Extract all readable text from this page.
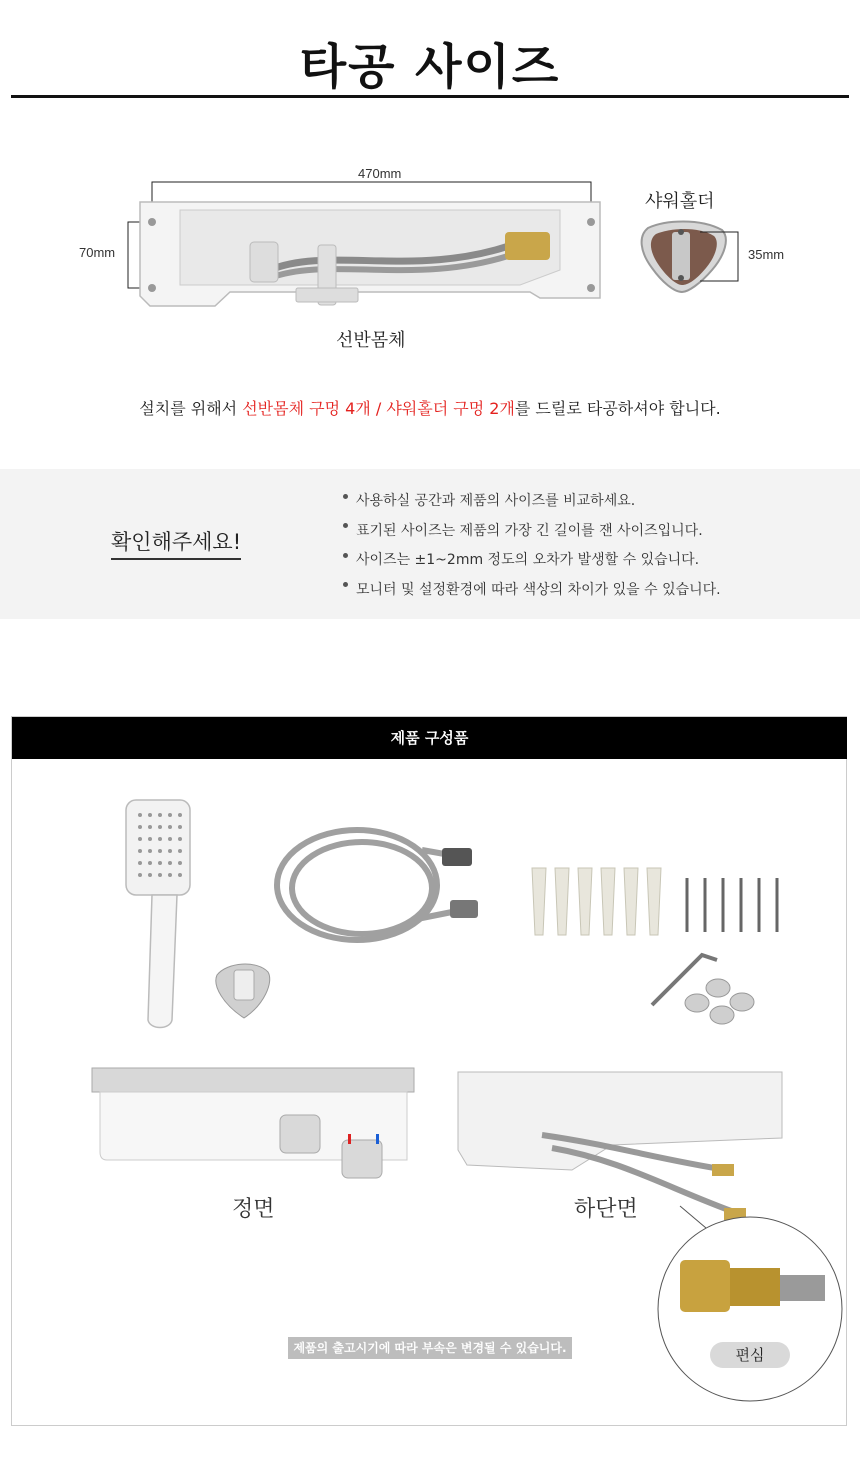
타공 사이즈
470mm
70mm	35mm
선반몸체
샤워홀더
설치를 위해서 선반몸체 구멍 4개 / 샤워홀더 구멍 2개를 드릴로 타공하셔야 합니다.
확인해주세요!
사용하실 공간과 제품의 사이즈를 비교하세요.
표기된 사이즈는 제품의 가장 긴 길이를 잰 사이즈입니다.
사이즈는 ±1~2mm 정도의 오차가 발생할 수 있습니다.
모니터 및 설정환경에 따라 색상의 차이가 있을 수 있습니다.
제품 구성품
정면	하단면
편심
제품의 출고시기에 따라 부속은 변경될 수 있습니다.
